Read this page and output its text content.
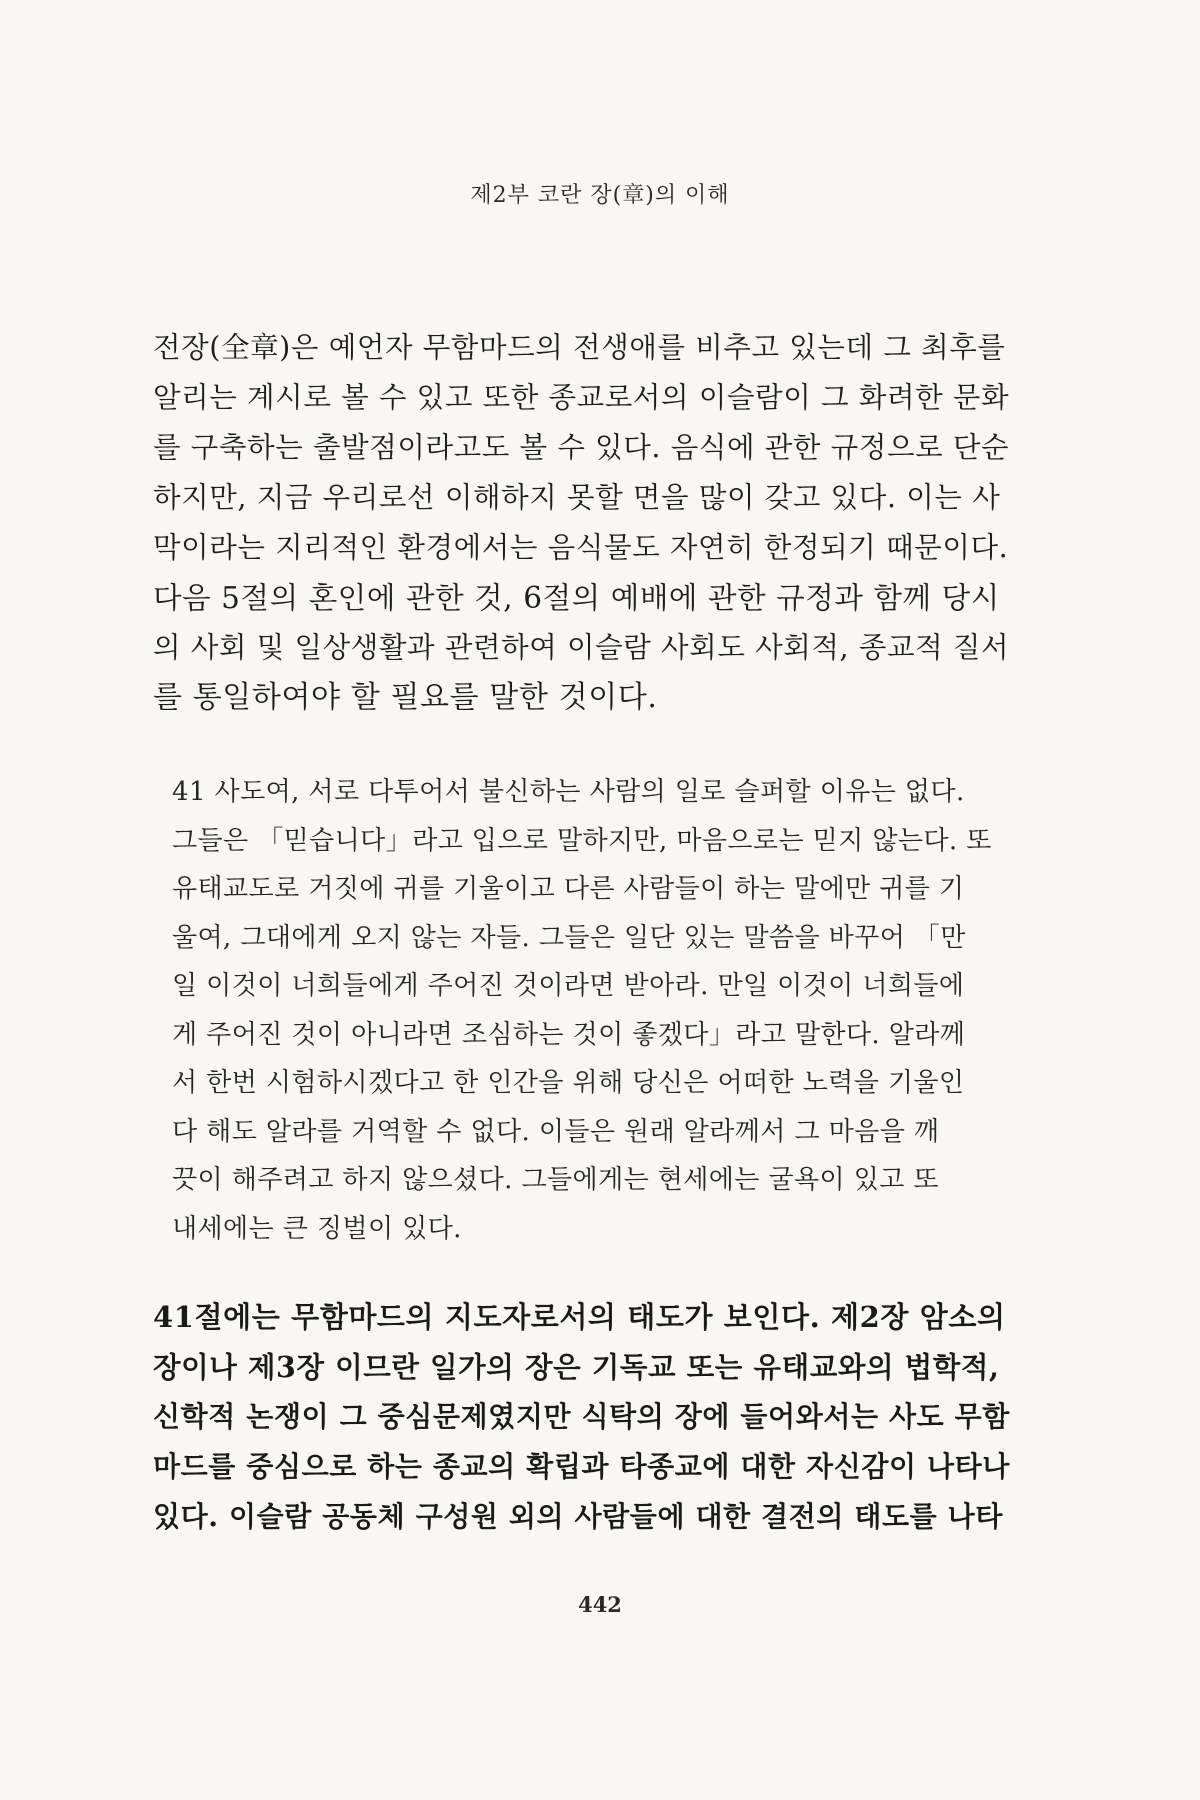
제2부 코란 장(章)의 이해
전장(全章)은 예언자 무함마드의 전생애를 비추고 있는데 그 최후를
알리는 계시로 볼 수 있고 또한 종교로서의 이슬람이 그 화려한 문화
를 구축하는 출발점이라고도 볼 수 있다. 음식에 관한 규정으로 단순
하지만, 지금 우리로선 이해하지 못할 면을 많이 갖고 있다. 이는 사
막이라는 지리적인 환경에서는 음식물도 자연히 한정되기 때문이다.
다음 5절의 혼인에 관한 것, 6절의 예배에 관한 규정과 함께 당시
의 사회 및 일상생활과 관련하여 이슬람 사회도 사회적, 종교적 질서
를 통일하여야 할 필요를 말한 것이다.
41 사도여, 서로 다투어서 불신하는 사람의 일로 슬퍼할 이유는 없다.
그들은 「믿습니다」라고 입으로 말하지만, 마음으로는 믿지 않는다. 또
유태교도로 거짓에 귀를 기울이고 다른 사람들이 하는 말에만 귀를 기
울여, 그대에게 오지 않는 자들. 그들은 일단 있는 말씀을 바꾸어 「만
일 이것이 너희들에게 주어진 것이라면 받아라. 만일 이것이 너희들에
게 주어진 것이 아니라면 조심하는 것이 좋겠다」라고 말한다. 알라께
서 한번 시험하시겠다고 한 인간을 위해 당신은 어떠한 노력을 기울인
다 해도 알라를 거역할 수 없다. 이들은 원래 알라께서 그 마음을 깨
끗이 해주려고 하지 않으셨다. 그들에게는 현세에는 굴욕이 있고 또
내세에는 큰 징벌이 있다.
41절에는 무함마드의 지도자로서의 태도가 보인다. 제2장 암소의
장이나 제3장 이므란 일가의 장은 기독교 또는 유태교와의 법학적,
신학적 논쟁이 그 중심문제였지만 식탁의 장에 들어와서는 사도 무함
마드를 중심으로 하는 종교의 확립과 타종교에 대한 자신감이 나타나
있다. 이슬람 공동체 구성원 외의 사람들에 대한 결전의 태도를 나타
442
